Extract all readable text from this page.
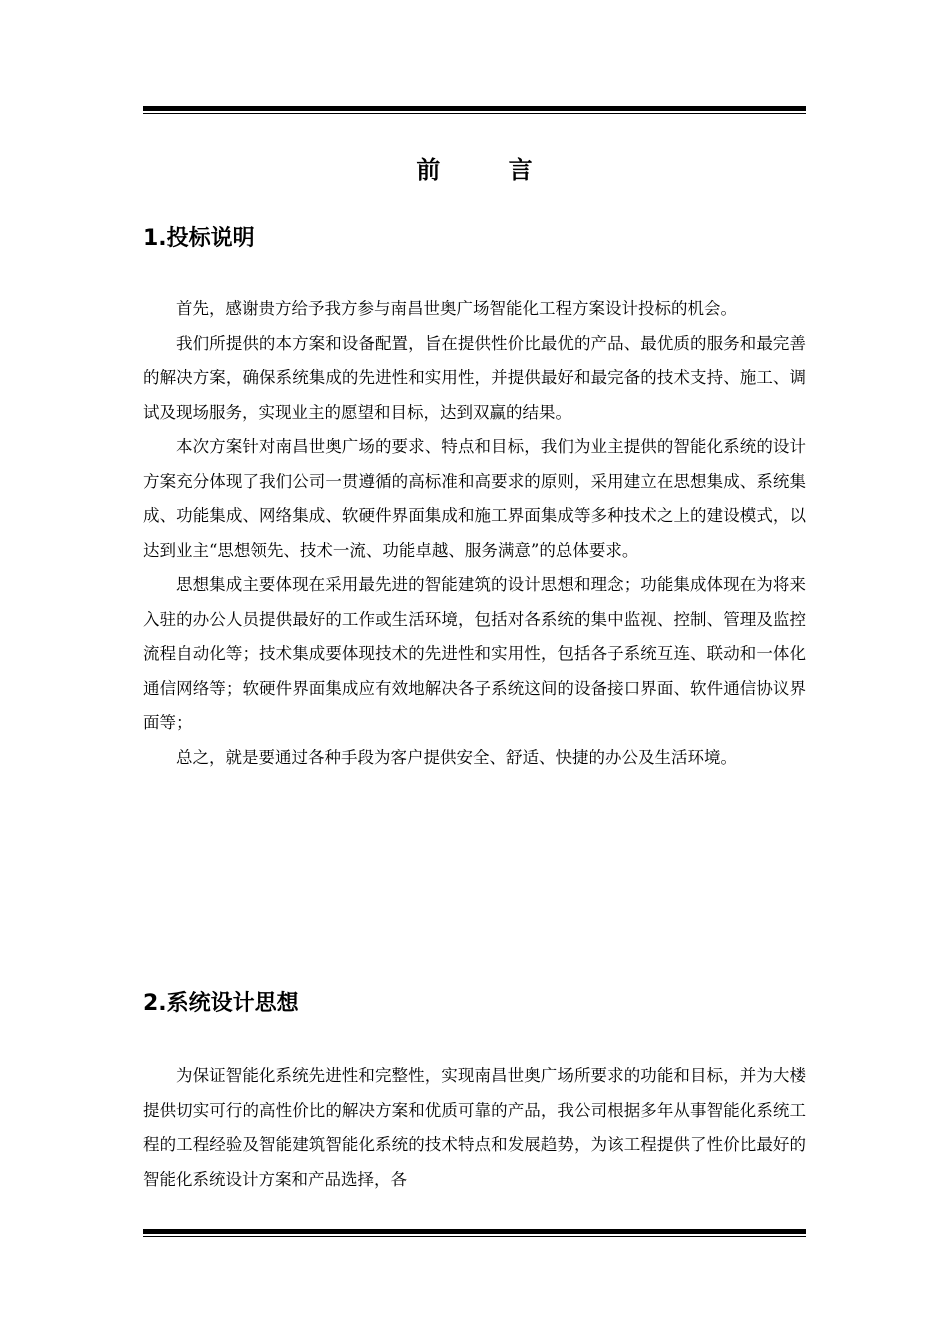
前 言
1.投标说明

首先，感谢贵方给予我方参与南昌世奥广场智能化工程方案设计投标的机会。

我们所提供的本方案和设备配置，旨在提供性价比最优的产品、最优质的服务和最完善的解决方案，确保系统集成的先进性和实用性，并提供最好和最完备的技术支持、施工、调试及现场服务，实现业主的愿望和目标，达到双赢的结果。

本次方案针对南昌世奥广场的要求、特点和目标，我们为业主提供的智能化系统的设计方案充分体现了我们公司一贯遵循的高标准和高要求的原则，采用建立在思想集成、系统集成、功能集成、网络集成、软硬件界面集成和施工界面集成等多种技术之上的建设模式，以达到业主“思想领先、技术一流、功能卓越、服务满意”的总体要求。

思想集成主要体现在采用最先进的智能建筑的设计思想和理念；功能集成体现在为将来入驻的办公人员提供最好的工作或生活环境，包括对各系统的集中监视、控制、管理及监控流程自动化等；技术集成要体现技术的先进性和实用性，包括各子系统互连、联动和一体化通信网络等；软硬件界面集成应有效地解决各子系统这间的设备接口界面、软件通信协议界面等；

总之，就是要通过各种手段为客户提供安全、舒适、快捷的办公及生活环境。

2.系统设计思想

为保证智能化系统先进性和完整性，实现南昌世奥广场所要求的功能和目标，并为大楼提供切实可行的高性价比的解决方案和优质可靠的产品，我公司根据多年从事智能化系统工程的工程经验及智能建筑智能化系统的技术特点和发展趋势，为该工程提供了性价比最好的智能化系统设计方案和产品选择，各
